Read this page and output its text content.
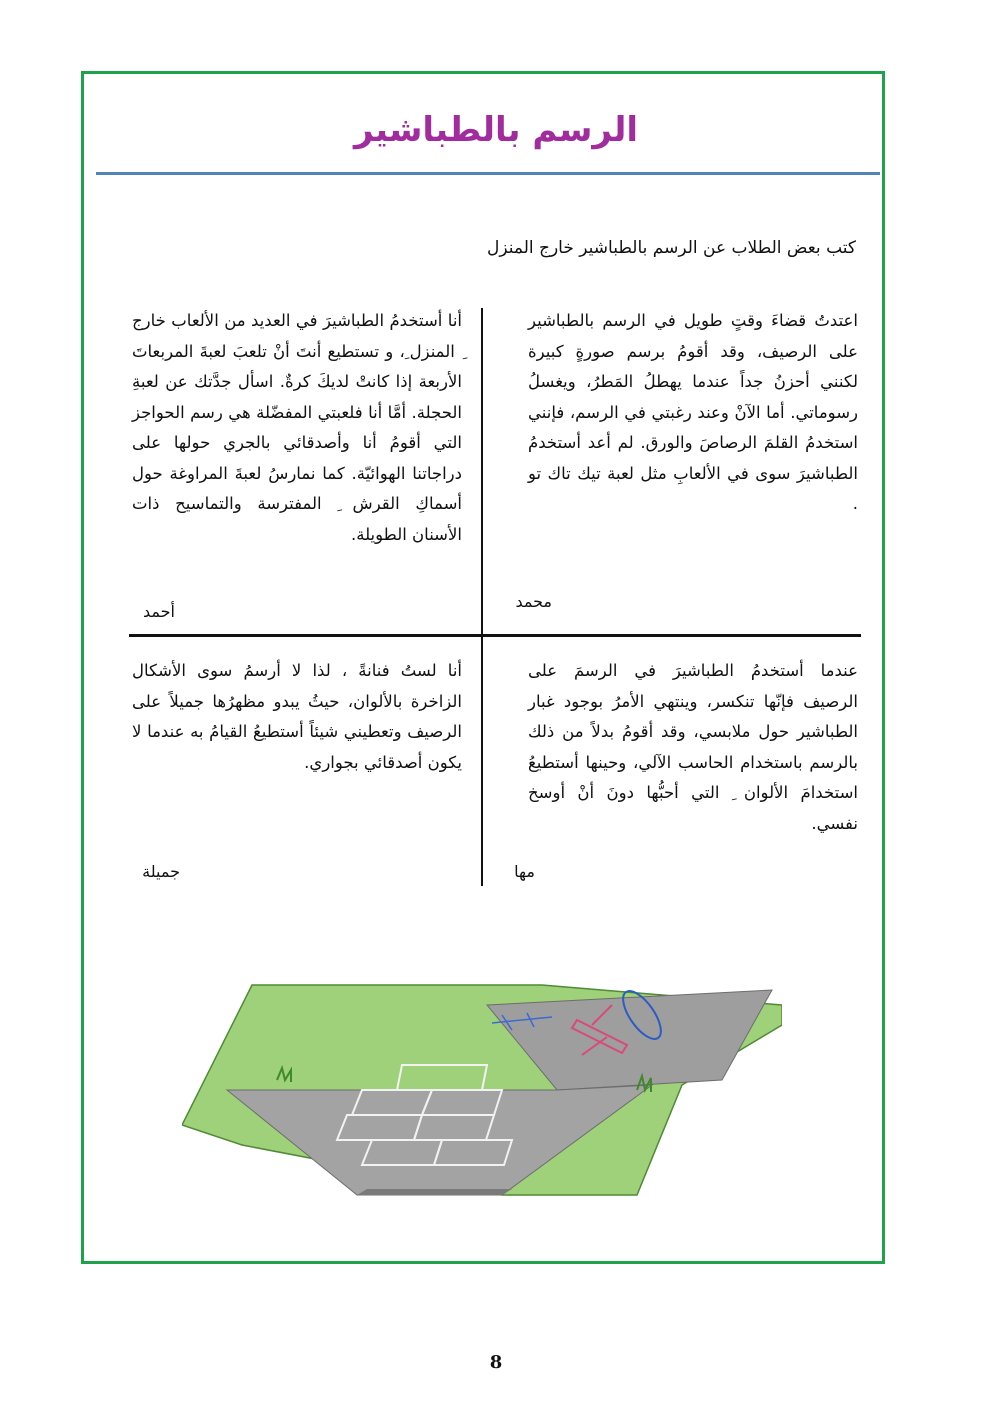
الرسم بالطباشير

كتب بعض الطلاب عن الرسم بالطباشير خارج المنزل

اعتدتُ قضاءَ وقتٍ طويل في الرسم بالطباشير على الرصيف، وقد أقومُ برسم صورةٍ كبيرة لكنني أحزنُ جداً عندما يهطلُ المَطرُ، ويغسلُ رسوماتي. أما الآنْ وعند رغبتي في الرسم، فإنني استخدمُ القلمَ الرصاصَ والورق. لم أعد أستخدمُ الطباشيرَ سوى في الألعابِ مثل لعبة تيك تاك تو .

محمد

أنا أستخدمُ الطباشيرَ في العديد من الألعاب خارج ِ المنزل ِ، و تستطيع أنتَ أنْ تلعبَ لعبةَ المربعاتَ الأربعة إذا كانتْ لديكَ كرةٌ. اسأل جدَّتك عن لعبةِ الحجلة. أمَّا أنا فلعبتي المفضّلة هي رسم الحواجز التي أقومُ أنا وأصدقائي بالجري حولها على دراجاتنا الهوائيّة. كما نمارسُ لعبةَ المراوغة حول أسماكِ القرش ِ المفترسة والتماسيح ذات الأسنان الطويلة.

أحمد

عندما أستخدمُ الطباشيرَ في الرسمَ على الرصيف فإنّها تنكسر، وينتهي الأمرُ بوجود غبار الطباشير حول ملابسي، وقد أقومُ بدلاً من ذلك بالرسم باستخدام الحاسب الآلي، وحينها أستطيعُ استخدامَ الألوان ِ التي أحبُّها دونَ أنْ أوسخ نفسي.

مها

أنا لستُ فنانةً ، لذا لا أرسمُ سوى الأشكال الزاخرة بالألوان، حيثُ يبدو مظهرُها جميلاً على الرصيف وتعطيني شيئاً أستطيعُ القيامُ به عندما لا يكون أصدقائي بجواري.

جميلة

8
